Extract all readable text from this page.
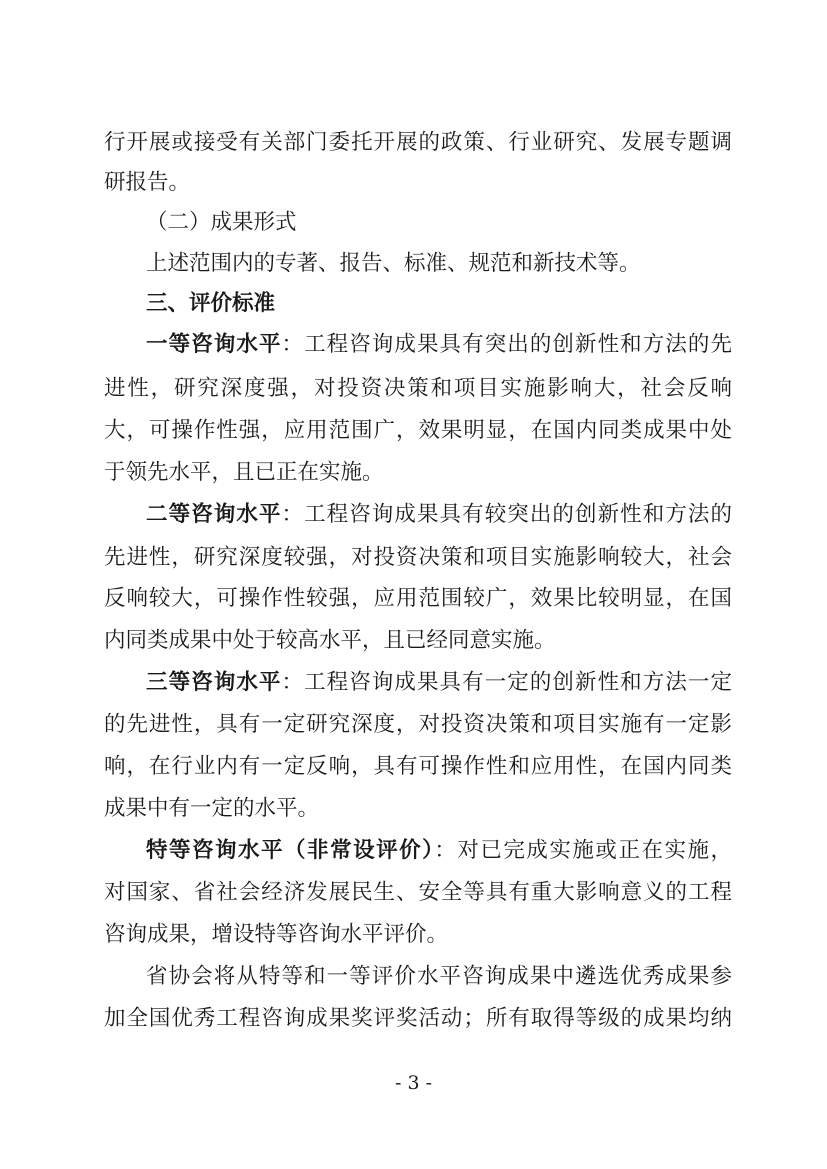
行开展或接受有关部门委托开展的政策、行业研究、发展专题调
研报告。
（二）成果形式
上述范围内的专著、报告、标准、规范和新技术等。
三、评价标准
一等咨询水平：工程咨询成果具有突出的创新性和方法的先
进性，研究深度强，对投资决策和项目实施影响大，社会反响
大，可操作性强，应用范围广，效果明显，在国内同类成果中处
于领先水平，且已正在实施。
二等咨询水平：工程咨询成果具有较突出的创新性和方法的
先进性，研究深度较强，对投资决策和项目实施影响较大，社会
反响较大，可操作性较强，应用范围较广，效果比较明显，在国
内同类成果中处于较高水平，且已经同意实施。
三等咨询水平：工程咨询成果具有一定的创新性和方法一定
的先进性，具有一定研究深度，对投资决策和项目实施有一定影
响，在行业内有一定反响，具有可操作性和应用性，在国内同类
成果中有一定的水平。
特等咨询水平（非常设评价）：对已完成实施或正在实施，
对国家、省社会经济发展民生、安全等具有重大影响意义的工程
咨询成果，增设特等咨询水平评价。
省协会将从特等和一等评价水平咨询成果中遴选优秀成果参
加全国优秀工程咨询成果奖评奖活动；所有取得等级的成果均纳
- 3 -
